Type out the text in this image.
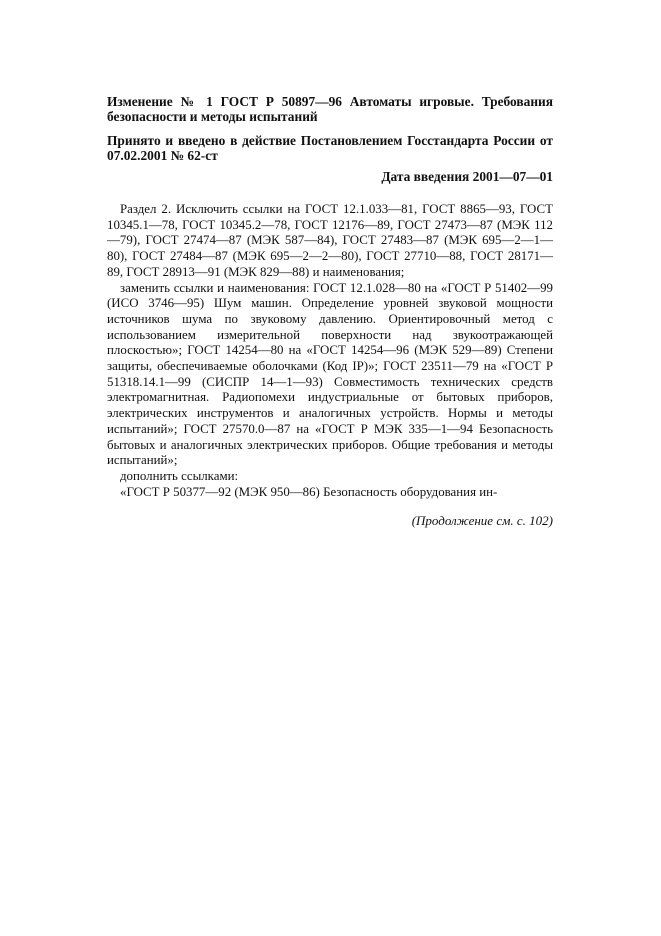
Изменение № 1 ГОСТ Р 50897—96 Автоматы игровые. Требования безопасности и методы испытаний

Принято и введено в действие Постановлением Госстандарта России от 07.02.2001 № 62-ст

Дата введения 2001—07—01

Раздел 2. Исключить ссылки на ГОСТ 12.1.033—81, ГОСТ 8865—93, ГОСТ 10345.1—78, ГОСТ 10345.2—78, ГОСТ 12176—89, ГОСТ 27473—87 (МЭК 112—79), ГОСТ 27474—87 (МЭК 587—84), ГОСТ 27483—87 (МЭК 695—2—1—80), ГОСТ 27484—87 (МЭК 695—2—2—80), ГОСТ 27710—88, ГОСТ 28171—89, ГОСТ 28913—91 (МЭК 829—88) и наименования;

заменить ссылки и наименования: ГОСТ 12.1.028—80 на «ГОСТ Р 51402—99 (ИСО 3746—95) Шум машин. Определение уровней звуковой мощности источников шума по звуковому давлению. Ориентировочный метод с использованием измерительной поверхности над звукоотражающей плоскостью»; ГОСТ 14254—80 на «ГОСТ 14254—96 (МЭК 529—89) Степени защиты, обеспечиваемые оболочками (Код IP)»; ГОСТ 23511—79 на «ГОСТ Р 51318.14.1—99 (СИСПР 14—1—93) Совместимость технических средств электромагнитная. Радиопомехи индустриальные от бытовых приборов, электрических инструментов и аналогичных устройств. Нормы и методы испытаний»; ГОСТ 27570.0—87 на «ГОСТ Р МЭК 335—1—94 Безопасность бытовых и аналогичных электрических приборов. Общие требования и методы испытаний»;

дополнить ссылками:

«ГОСТ Р 50377—92 (МЭК 950—86) Безопасность оборудования ин-

(Продолжение см. с. 102)
